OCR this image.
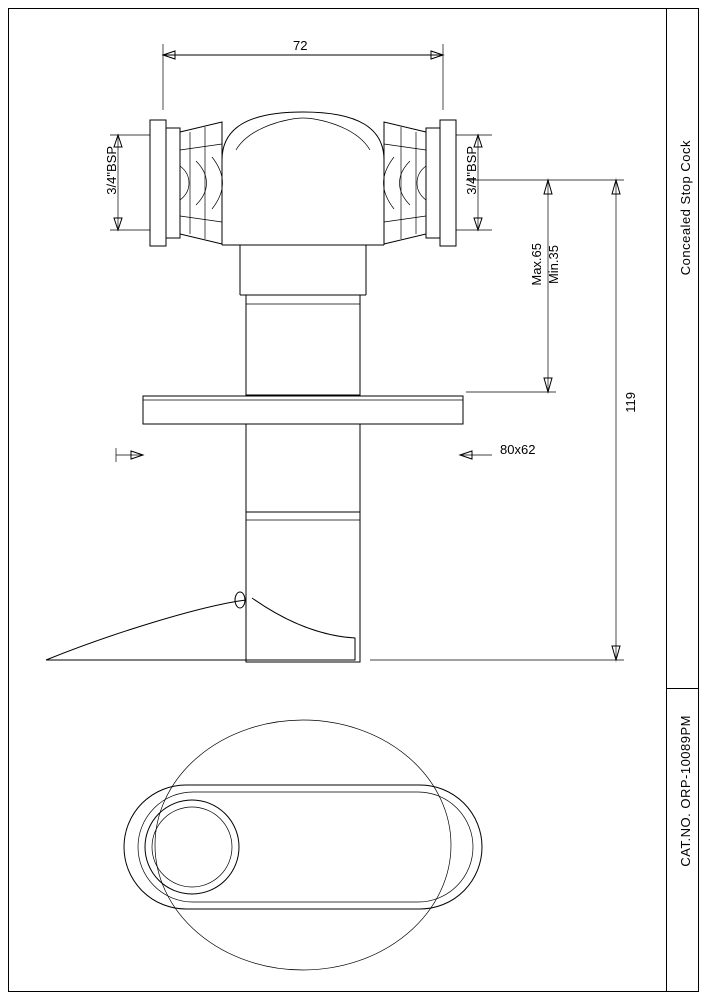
Concealed Stop Cock
CAT.NO. ORP-10089PM
72
3/4"BSP	3/4"BSP
Min.35
Max.65
119
80x62
